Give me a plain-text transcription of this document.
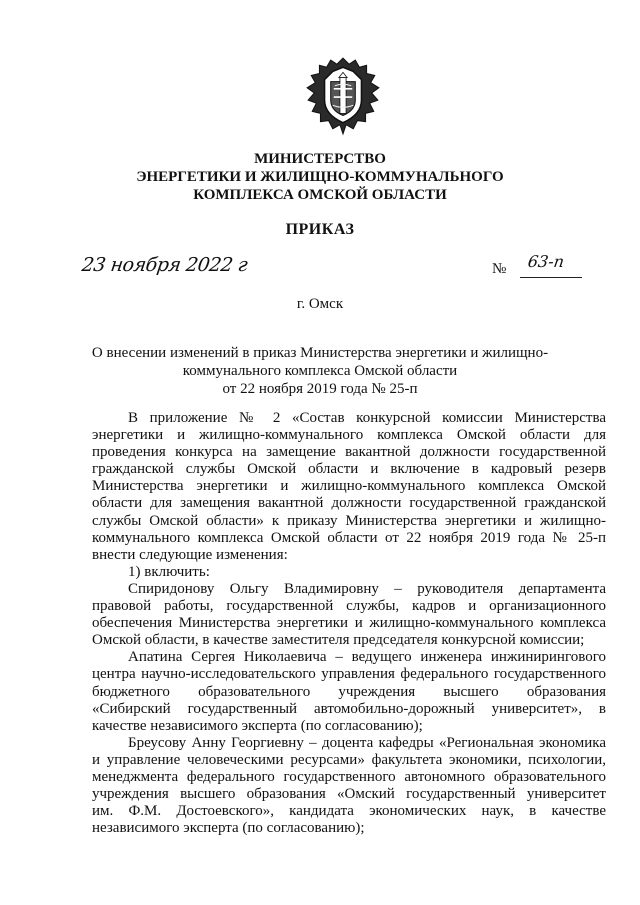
МИНИСТЕРСТВО
ЭНЕРГЕТИКИ И ЖИЛИЩНО-КОММУНАЛЬНОГО
КОМПЛЕКСА ОМСКОЙ ОБЛАСТИ
ПРИКАЗ
23 ноября 2022 г	№ 63-п
г. Омск
О внесении изменений в приказ Министерства энергетики и жилищно-
коммунального комплекса Омской области
от 22 ноября 2019 года № 25-п
В приложение № 2 «Состав конкурсной комиссии Министерства
энергетики и жилищно-коммунального комплекса Омской области для
проведения конкурса на замещение вакантной должности государственной
гражданской службы Омской области и включение в кадровый резерв
Министерства энергетики и жилищно-коммунального комплекса Омской
области для замещения вакантной должности государственной гражданской
службы Омской области» к приказу Министерства энергетики и жилищно-
коммунального комплекса Омской области от 22 ноября 2019 года № 25-п
внести следующие изменения:
1) включить:
Спиридонову Ольгу Владимировну – руководителя департамента
правовой работы, государственной службы, кадров и организационного
обеспечения Министерства энергетики и жилищно-коммунального комплекса
Омской области, в качестве заместителя председателя конкурсной комиссии;
Апатина Сергея Николаевича – ведущего инженера инжинирингового
центра научно-исследовательского управления федерального государственного
бюджетного образовательного учреждения высшего образования
«Сибирский государственный автомобильно-дорожный университет», в
качестве независимого эксперта (по согласованию);
Бреусову Анну Георгиевну – доцента кафедры «Региональная экономика
и управление человеческими ресурсами» факультета экономики, психологии,
менеджмента федерального государственного автономного образовательного
учреждения высшего образования «Омский государственный университет
им. Ф.М. Достоевского», кандидата экономических наук, в качестве
независимого эксперта (по согласованию);
